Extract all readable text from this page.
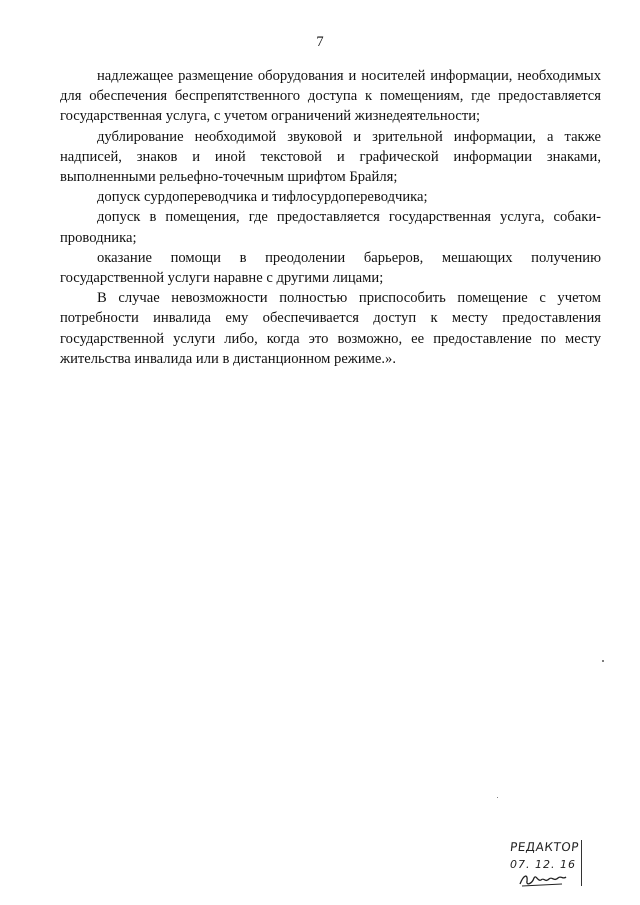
7

надлежащее размещение оборудования и носителей информации, необходимых для обеспечения беспрепятственного доступа к помещениям, где предоставляется государственная услуга, с учетом ограничений жизнедеятельности;

дублирование необходимой звуковой и зрительной информации, а также надписей, знаков и иной текстовой и графической информации знаками, выполненными рельефно-точечным шрифтом Брайля;

допуск сурдопереводчика и тифлосурдопереводчика;

допуск в помещения, где предоставляется государственная услуга, собаки-проводника;

оказание помощи в преодолении барьеров, мешающих получению государственной услуги наравне с другими лицами;

В случае невозможности полностью приспособить помещение с учетом потребности инвалида ему обеспечивается доступ к месту предоставления государственной услуги либо, когда это возможно, ее предоставление по месту жительства инвалида или в дистанционном режиме.».

РЕДАКТОР
07. 12. 16
